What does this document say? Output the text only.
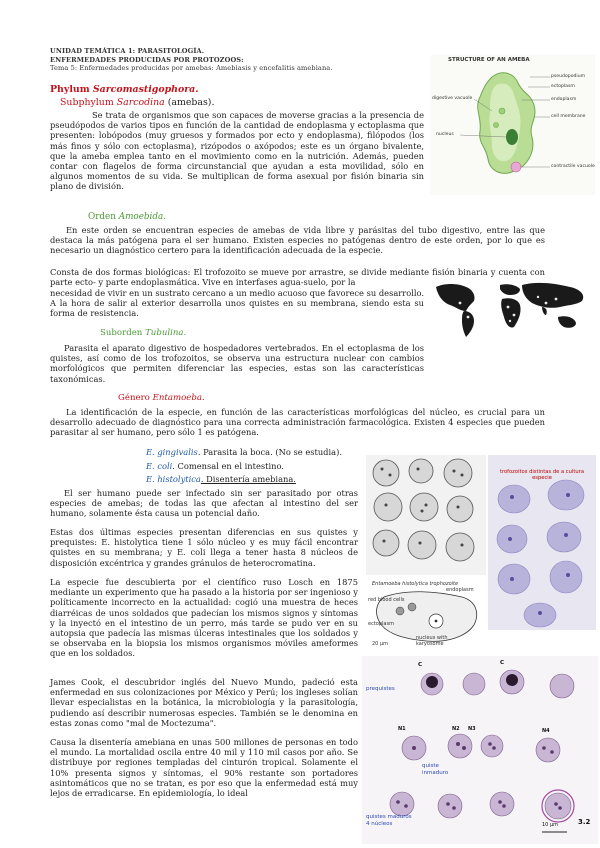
UNIDAD TEMÁTICA 1: PARASITOLOGÍA.
ENFERMEDADES PRODUCIDAS POR PROTOZOOS:
Tema 5: Enfermedades producidas por amebas: Amebiasis y encefalitis amebiana.
Phylum Sarcomastigophora.
Subphylum Sarcodina (amebas).
Se trata de organismos que son capaces de moverse gracias a la presencia de pseudópodos de varios tipos en función de la cantidad de endoplasma y ectoplasma que presenten: lobópodos (muy gruesos y formados por ecto y endoplasma), filópodos (los más finos y sólo con ectoplasma), rizópodos o axópodos; este es un órgano bivalente, que la ameba emplea tanto en el movimiento como en la nutrición. Además, pueden contar con flagelos de forma circunstancial que ayudan a esta movilidad, sólo en algunos momentos de su vida. Se multiplican de forma asexual por fisión binaria sin plano de división.
Orden Amoebida.
En este orden se encuentran especies de amebas de vida libre y parásitas del tubo digestivo, entre las que destaca la más patógena para el ser humano. Existen especies no patógenas dentro de este orden, por lo que es necesario un diagnóstico certero para la identificación adecuada de la especie.
Consta de dos formas biológicas: El trofozoito se mueve por arrastre, se divide mediante fisión binaria y cuenta con parte ecto- y parte endoplasmática. Vive en interfases agua-suelo, por la
necesidad de vivir en un sustrato cercano a un medio acuoso que favorece su desarrollo. A la hora de salir al exterior desarrolla unos quistes en su membrana, siendo esta su forma de resistencia.
Suborden Tubulina.
Parasita el aparato digestivo de hospedadores vertebrados. En el ectoplasma de los quistes, así como de los trofozoitos, se observa una estructura nuclear con cambios morfológicos que permiten diferenciar las especies, estas son las características taxonómicas.
Género Entamoeba.
La identificación de la especie, en función de las características morfológicas del núcleo, es crucial para un desarrollo adecuado de diagnóstico para una correcta administración farmacológica. Existen 4 especies que pueden parasitar al ser humano, pero sólo 1 es patógena.
E. gingivalis. Parasita la boca. (No se estudia).
E. coli. Comensal en el intestino.
E. histolytica. Disentería amebiana.
El ser humano puede ser infectado sin ser parasitado por otras especies de amebas; de todas las que afectan al intestino del ser humano, solamente ésta causa un potencial daño.
Estas dos últimas especies presentan diferencias en sus quistes y prequistes: E. histolytica tiene 1 sólo núcleo y es muy fácil encontrar quistes en su membrana; y E. coli llega a tener hasta 8 núcleos de disposición excéntrica y grandes gránulos de heterocromatina.
La especie fue descubierta por el científico ruso Losch en 1875 mediante un experimento que ha pasado a la historia por ser ingenioso y políticamente incorrecto en la actualidad: cogió una muestra de heces diarréicas de unos soldados que padecían los mismos signos y síntomas y la inyectó en el intestino de un perro, más tarde se pudo ver en su autopsia que padecía las mismas úlceras intestinales que los soldados y se observaba en la biopsia los mismos organismos móviles ameformes que en los soldados.
James Cook, el descubridor inglés del Nuevo Mundo, padeció esta enfermedad en sus colonizaciones por México y Perú; los ingleses solían llevar especialistas en la botánica, la microbiología y la parasitología, pudiendo así describir numerosas especies. También se le denomina en estas zonas como "mal de Moctezuma".
Causa la disentería amebiana en unas 500 millones de personas en todo el mundo. La mortalidad oscila entre 40 mil y 110 mil casos por año. Se distribuye por regiones templadas del cinturón tropical. Solamente el 10% presenta signos y síntomas, el 90% restante son portadores asintomáticos que no se tratan, es por eso que la enfermedad está muy lejos de erradicarse. En epidemiología, lo ideal
STRUCTURE OF AN AMEBA
pseudopodium
ectoplasm
endoplasm
cell membrane
digestive vacuole
nucleus
contractile vacuole
trofozoitos distintas de a cultura especie
Entamoeba histolytica trophozoite
endoplasm
red blood cells
ectoplasm
nucleus with karyosome
20 µm
prequistes
C	C
N1	N2 N3	N4
quiste inmaduro
quistes maduros 4 núcleos	10 µm	3.2
